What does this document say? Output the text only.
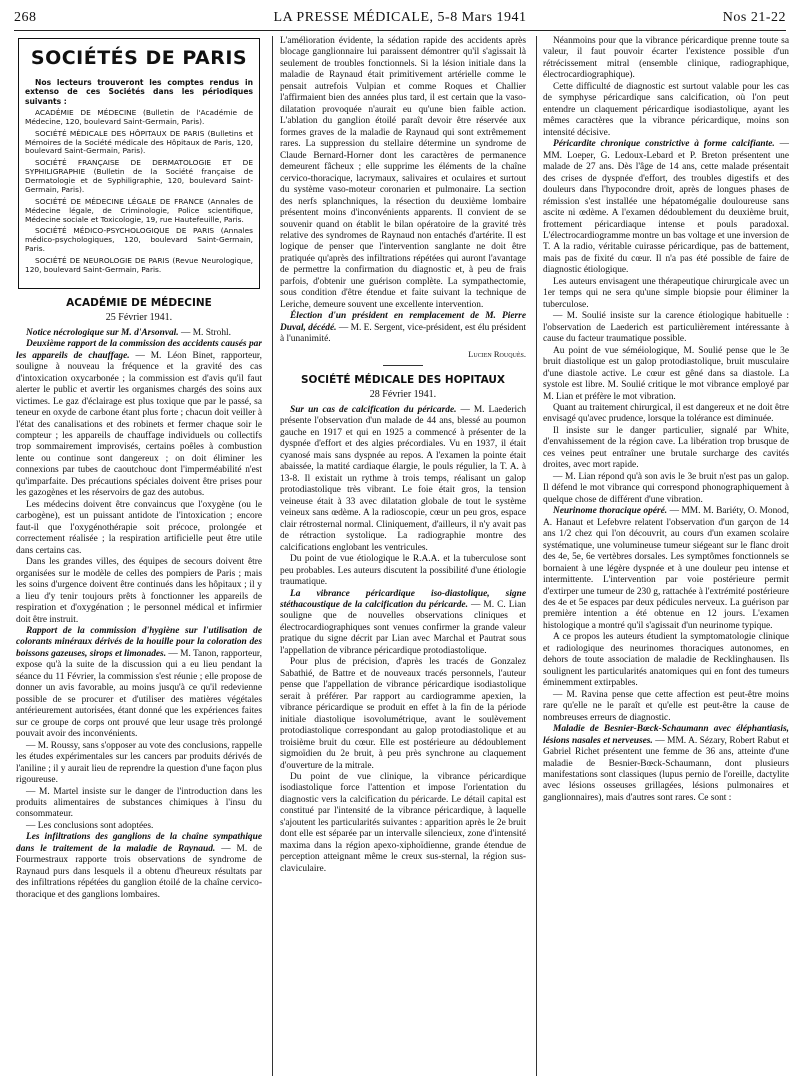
268	LA PRESSE MÉDICALE, 5-8 Mars 1941	Nos 21-22
SOCIÉTÉS DE PARIS

Nos lecteurs trouveront les comptes rendus in extenso de ces Sociétés dans les périodiques suivants :

ACADÉMIE DE MÉDECINE (Bulletin de l'Académie de Médecine, 120, boulevard Saint-Germain, Paris).

SOCIÉTÉ MÉDICALE DES HÔPITAUX DE PARIS (Bulletins et Mémoires de la Société médicale des Hôpitaux de Paris, 120, boulevard Saint-Germain, Paris).

SOCIÉTÉ FRANÇAISE DE DERMATOLOGIE ET DE SYPHILIGRAPHIE (Bulletin de la Société française de Dermatologie et de Syphiligraphie, 120, boulevard Saint-Germain, Paris).

SOCIÉTÉ DE MÉDECINE LÉGALE DE FRANCE (Annales de Médecine légale, de Criminologie, Police scientifique, Médecine sociale et Toxicologie, 19, rue Hautefeuille, Paris.

SOCIÉTÉ MÉDICO-PSYCHOLOGIQUE DE PARIS (Annales médico-psychologiques, 120, boulevard Saint-Germain, Paris.

SOCIÉTÉ DE NEUROLOGIE DE PARIS (Revue Neurologique, 120, boulevard Saint-Germain, Paris.

ACADÉMIE DE MÉDECINE
25 Février 1941.

Notice nécrologique sur M. d'Arsonval. — M. Strohl.

Deuxième rapport de la commission des accidents causés par les appareils de chauffage. — M. Léon Binet, rapporteur, souligne à nouveau la fréquence et la gravité des cas d'intoxication oxycarbonée ; la commission est d'avis qu'il faut alerter le public et avertir les organismes chargés des soins aux victimes. Le gaz d'éclairage est plus toxique que par le passé, sa teneur en oxyde de carbone étant plus forte ; chacun doit veiller à l'état des canalisations et des robinets et fermer chaque soir le compteur ; les appareils de chauffage individuels ou collectifs trop sommairement improvisés, certains poêles à combustion lente ou continue sont dangereux ; on doit éliminer les connexions par tubes de caoutchouc dont l'imperméabilité n'est qu'imparfaite. Des précautions spéciales doivent être prises pour les gazogènes et les réservoirs de gaz des autobus.

Les médecins doivent être convaincus que l'oxygène (ou le carbogène), est un puissant antidote de l'intoxication ; encore faut-il que l'oxygénothérapie soit précoce, prolongée et correctement réalisée ; la respiration artificielle peut être utile dans certains cas.

Dans les grandes villes, des équipes de secours doivent être organisées sur le modèle de celles des pompiers de Paris ; mais les soins d'urgence doivent être continués dans les hôpitaux ; il y a lieu d'y tenir toujours prêts à fonctionner les appareils de respiration et d'oxygénation ; le personnel médical et infirmier doit être instruit.

Rapport de la commission d'hygiène sur l'utilisation de colorants minéraux dérivés de la houille pour la coloration des boissons gazeuses, sirops et limonades. — M. Tanon, rapporteur, expose qu'à la suite de la discussion qui a eu lieu pendant la séance du 11 Février, la commission s'est réunie ; elle propose de donner un avis favorable, au moins jusqu'à ce qu'il redevienne possible de se procurer et d'utiliser des matières végétales antérieurement autorisées, étant donné que les expériences faites sur ce groupe de corps ont prouvé que leur usage très prolongé pouvait avoir des inconvénients.

— M. Roussy, sans s'opposer au vote des conclusions, rappelle les études expérimentales sur les cancers par produits dérivés de l'aniline ; il y aurait lieu de reprendre la question d'une façon plus rigoureuse.

— M. Martel insiste sur le danger de l'introduction dans les produits alimentaires de substances chimiques à l'insu du consommateur.

— Les conclusions sont adoptées.

Les infiltrations des ganglions de la chaîne sympathique dans le traitement de la maladie de Raynaud. — M. de Fourmestraux rapporte trois observations de syndrome de Raynaud purs dans lesquels il a obtenu d'heureux résultats par des infiltrations répétées du ganglion étoilé de la chaîne cervico-thoracique et des ganglions lombaires.

L'amélioration évidente, la sédation rapide des accidents après blocage ganglionnaire lui paraissent démontrer qu'il s'agissait là seulement de troubles fonctionnels. Si la lésion initiale dans la maladie de Raynaud était primitivement artérielle comme le pensait autrefois Vulpian et comme Roques et Challier l'affirmaient bien des années plus tard, il est certain que la vaso-dilatation provoquée n'aurait eu qu'une bien faible action. L'ablation du ganglion étoilé paraît devoir être réservée aux formes graves de la maladie de Raynaud qui sont extrêmement rares. La suppression du stellaire détermine un syndrome de Claude Bernard-Horner dont les caractères de permanence demeurent fâcheux ; elle supprime les éléments de la chaîne cervico-thoracique, lacrymaux, salivaires et oculaires et surtout du système vaso-moteur coronarien et pulmonaire. La section des nerfs splanchniques, la résection du deuxième lombaire présentent moins d'inconvénients apparents. Il convient de se souvenir quand on établit le bilan opératoire de la gravité très relative des syndromes de Raynaud non entachés d'artérite. Il est logique de penser que l'intervention sanglante ne doit être pratiquée qu'après des infiltrations répétées qui auront l'avantage de permettre la confirmation du diagnostic et, à peu de frais parfois, d'obtenir une guérison complète. La sympathectomie, sous condition d'être étendue et faite suivant la technique de Leriche, demeure souvent une excellente intervention.

Élection d'un président en remplacement de M. Pierre Duval, décédé. — M. E. Sergent, vice-président, est élu président à l'unanimité.

Lucien Rouquès.
SOCIÉTÉ MÉDICALE DES HOPITAUX
28 Février 1941.

Sur un cas de calcification du péricarde. — M. Laederich présente l'observation d'un malade de 44 ans, blessé au poumon gauche en 1917 et qui en 1925 a commencé à présenter de la dyspnée d'effort et des algies précordiales. Vu en 1937, il était cyanosé mais sans dyspnée au repos. A l'examen la pointe était abaissée, la matité cardiaque élargie, le pouls régulier, la T. A. à 13-8. Il existait un rythme à trois temps, réalisant un galop protodiastolique très vibrant. Le foie était gros, la tension veineuse était à 33 avec dilatation globale de tout le système veineux sans œdème. A la radioscopie, cœur un peu gros, espace clair rétrosternal normal. Cliniquement, d'ailleurs, il n'y avait pas de rétraction systolique. La radiographie montre des calcifications englobant les ventricules.

Du point de vue étiologique le R.A.A. et la tuberculose sont peu probables. Les auteurs discutent la possibilité d'une étiologie traumatique.

La vibrance péricardique iso-diastolique, signe stéthacoustique de la calcification du péricarde. — M. C. Lian souligne que de nouvelles observations cliniques et électrocardiographiques sont venues confirmer la grande valeur pratique du signe décrit par Lian avec Marchal et Pautrat sous l'appellation de vibrance péricardique protodiastolique.

Pour plus de précision, d'après les tracés de Gonzalez Sabathié, de Battre et de nouveaux tracés personnels, l'auteur pense que l'appellation de vibrance péricardique isodiastolique serait à préférer. Par rapport au cardiogramme apexien, la vibrance péricardique se produit en effet à la fin de la période initiale diastolique isovolumétrique, avant le soulèvement protodiastolique correspondant au galop protodiastolique et au troisième bruit du cœur. Elle est postérieure au dédoublement sigmoïdien du 2e bruit, à peu près synchrone au claquement d'ouverture de la mitrale.

Du point de vue clinique, la vibrance péricardique isodiastolique force l'attention et impose l'orientation du diagnostic vers la calcification du péricarde. Le détail capital est constitué par l'intensité de la vibrance péricardique, à laquelle s'ajoutent les particularités suivantes : apparition après le 2e bruit dont elle est séparée par un intervalle silencieux, zone d'intensité maxima dans la région apexo-xiphoïdienne, grande étendue de perception atteignant même le creux sus-sternal, la région sus-claviculaire.

Néanmoins pour que la vibrance péricardique prenne toute sa valeur, il faut pouvoir écarter l'existence possible d'un rétrécissement mitral (ensemble clinique, radiographique, électrocardiographique).

Cette difficulté de diagnostic est surtout valable pour les cas de symphyse péricardique sans calcification, où l'on peut entendre un claquement péricardique isodiastolique, ayant les mêmes caractères que la vibrance péricardique, moins son intensité décisive.

Péricardite chronique constrictive à forme calcifiante. — MM. Loeper, G. Ledoux-Lebard et P. Breton présentent une malade de 27 ans. Dès l'âge de 14 ans, cette malade présentait des crises de dyspnée d'effort, des troubles digestifs et des douleurs dans l'hypocondre droit, après de longues phases de rémission s'est installée une hépatomégalie douloureuse sans ascite ni œdème. A l'examen dédoublement du deuxième bruit, frottement péricardiaque intense et pouls paradoxal. L'électrocardiogramme montre un bas voltage et une inversion de T. A la radio, véritable cuirasse péricardique, pas de battement, mais pas de fixité du cœur. Il n'a pas été possible de faire de diagnostic étiologique.

Les auteurs envisagent une thérapeutique chirurgicale avec un 1er temps qui ne sera qu'une simple biopsie pour éliminer la tuberculose.

— M. Soulié insiste sur la carence étiologique habituelle : l'observation de Laederich est particulièrement intéressante à cause du facteur traumatique possible.

Au point de vue séméiologique, M. Soulié pense que le 3e bruit diastolique est un galop protodiastolique, bruit musculaire d'une diastole active. Le cœur est gêné dans sa diastole. La systole est libre. M. Soulié critique le mot vibrance employé par M. Lian et préfère le mot vibration.

Quant au traitement chirurgical, il est dangereux et ne doit être envisagé qu'avec prudence, lorsque la tolérance est diminuée.

Il insiste sur le danger particulier, signalé par White, d'envahissement de la région cave. La libération trop brusque de ces veines peut entraîner une brutale surcharge des cavités droites, avec mort rapide.

— M. Lian répond qu'à son avis le 3e bruit n'est pas un galop. Il défend le mot vibrance qui correspond phonographiquement à quelque chose de différent d'une vibration.

Neurinome thoracique opéré. — MM. M. Bariéty, O. Monod, A. Hanaut et Lefebvre relatent l'observation d'un garçon de 14 ans 1/2 chez qui l'on découvrit, au cours d'un examen scolaire systématique, une volumineuse tumeur siégeant sur le flanc droit des 4e, 5e, 6e vertèbres dorsales. Les symptômes fonctionnels se bornaient à une légère dyspnée et à une douleur peu intense et intermittente. L'intervention par voie postérieure permit d'extirper une tumeur de 230 g, rattachée à l'extrémité postérieure des 4e et 5e espaces par deux pédicules nerveux. La guérison par première intention a été obtenue en 12 jours. L'examen histologique a montré qu'il s'agissait d'un neurinome typique.

A ce propos les auteurs étudient la symptomatologie clinique et radiologique des neurinomes thoraciques autonomes, en dehors de toute association de maladie de Recklinghausen. Ils soulignent les particularités anatomiques qui en font des tumeurs éminemment extirpables.

— M. Ravina pense que cette affection est peut-être moins rare qu'elle ne le paraît et qu'elle est peut-être la cause de nombreuses erreurs de diagnostic.

Maladie de Besnier-Bœck-Schaumann avec éléphantiasis, lésions nasales et nerveuses. — MM. A. Sézary, Robert Rabut et Gabriel Richet présentent une femme de 36 ans, atteinte d'une maladie de Besnier-Bœck-Schaumann, dont plusieurs manifestations sont classiques (lupus pernio de l'oreille, dactylite avec lésions osseuses grillagées, lésions pulmonaires et ganglionnaires), mais d'autres sont rares. Ce sont :
